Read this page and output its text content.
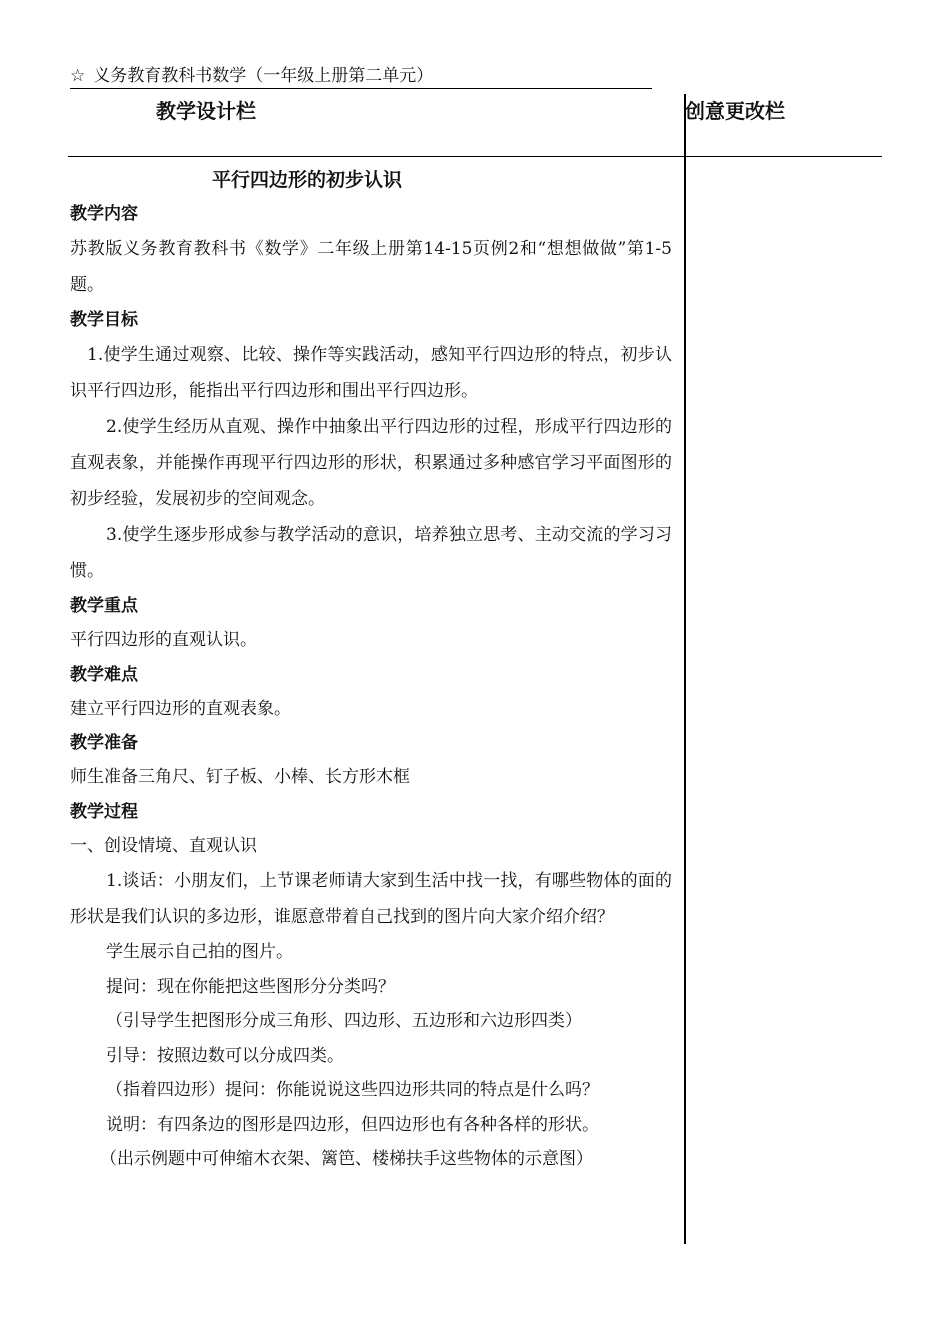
☆ 义务教育教科书数学（一年级上册第二单元）
教学设计栏	创意更改栏
平行四边形的初步认识
教学内容

苏教版义务教育教科书《数学》二年级上册第14-15页例2和“想想做做”第1-5题。

教学目标

1.使学生通过观察、比较、操作等实践活动，感知平行四边形的特点，初步认识平行四边形，能指出平行四边形和围出平行四边形。

2.使学生经历从直观、操作中抽象出平行四边形的过程，形成平行四边形的直观表象，并能操作再现平行四边形的形状，积累通过多种感官学习平面图形的初步经验，发展初步的空间观念。

3.使学生逐步形成参与教学活动的意识，培养独立思考、主动交流的学习习惯。

教学重点

平行四边形的直观认识。

教学难点

建立平行四边形的直观表象。

教学准备

师生准备三角尺、钉子板、小棒、长方形木框

教学过程

一、创设情境、直观认识

1.谈话：小朋友们，上节课老师请大家到生活中找一找，有哪些物体的面的形状是我们认识的多边形，谁愿意带着自己找到的图片向大家介绍介绍？

学生展示自己拍的图片。

提问：现在你能把这些图形分分类吗？

（引导学生把图形分成三角形、四边形、五边形和六边形四类）

引导：按照边数可以分成四类。

（指着四边形）提问：你能说说这些四边形共同的特点是什么吗？

说明：有四条边的图形是四边形，但四边形也有各种各样的形状。

（出示例题中可伸缩木衣架、篱笆、楼梯扶手这些物体的示意图）
